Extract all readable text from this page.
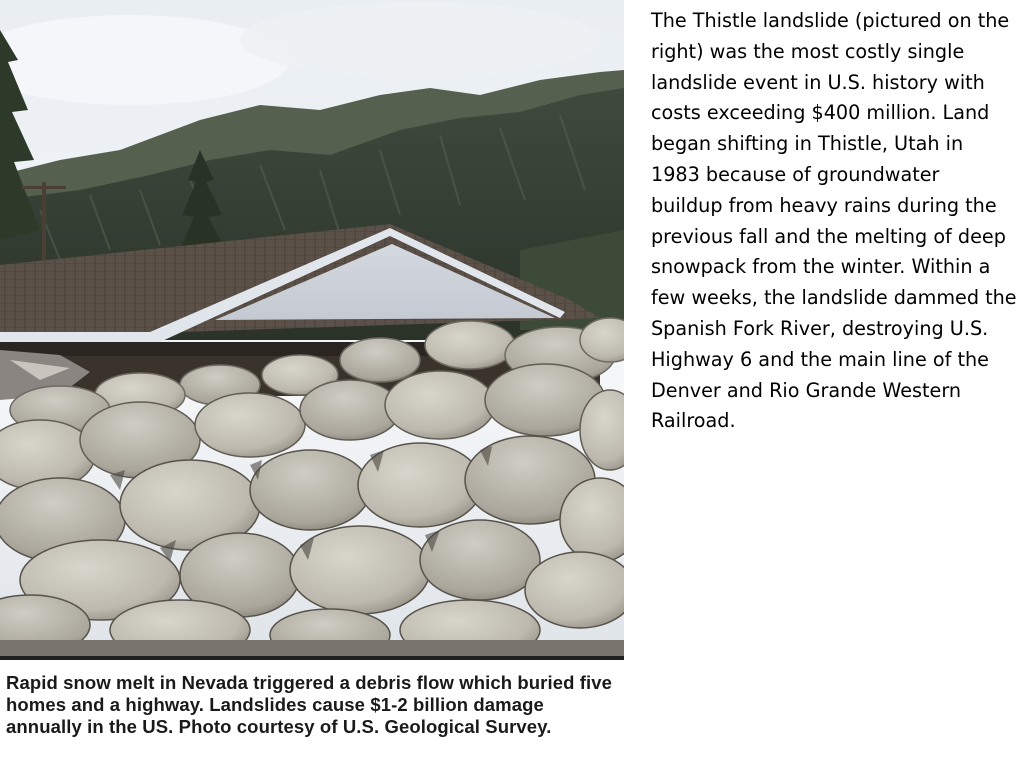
Rapid snow melt in Nevada triggered a debris flow which buried five homes and a highway. Landslides cause $1-2 billion damage annually in the US. Photo courtesy of U.S. Geological Survey.

The Thistle landslide (pictured on the right) was the most costly single landslide event in U.S. history with costs exceeding $400 million. Land began shifting in Thistle, Utah in 1983 because of groundwater buildup from heavy rains during the previous fall and the melting of deep snowpack from the winter. Within a few weeks, the landslide dammed the Spanish Fork River, destroying U.S. Highway 6 and the main line of the Denver and Rio Grande Western Railroad.
